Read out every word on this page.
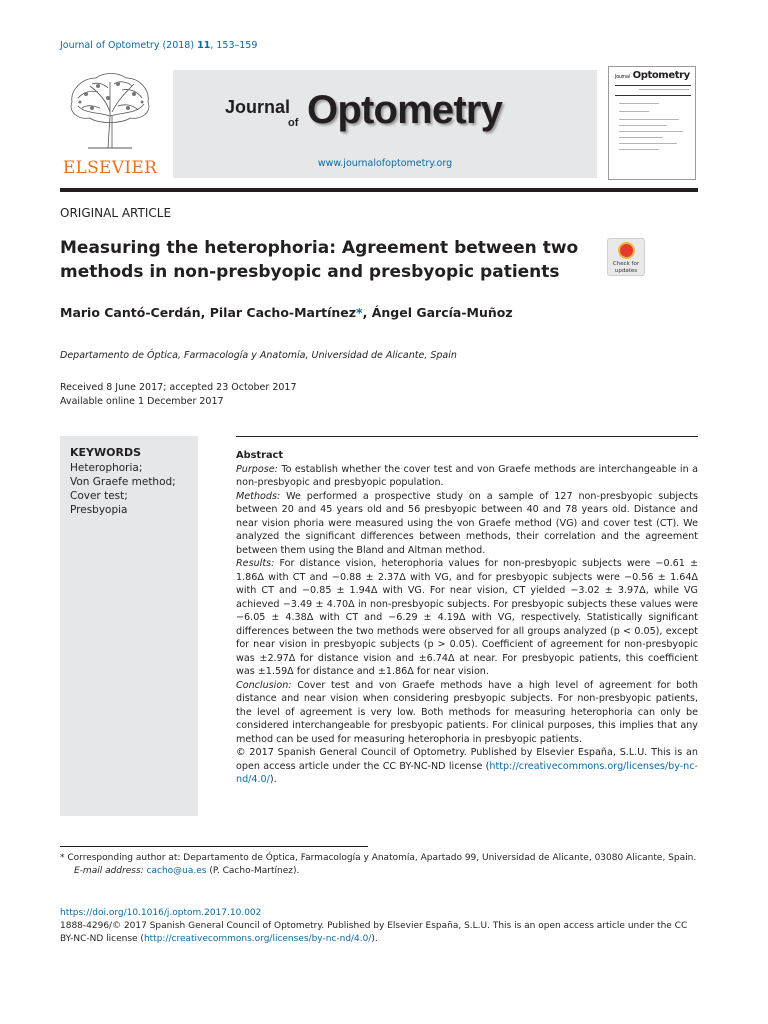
Journal of Optometry (2018) 11, 153–159
ELSEVIER
Journal
of Optometry
www.journalofoptometry.org
Journal Optometry
ORIGINAL ARTICLE
Measuring the heterophoria: Agreement between two methods in non-presbyopic and presbyopic patients	Check for updates
Mario Cantó-Cerdán, Pilar Cacho-Martínez*, Ángel García-Muñoz
Departamento de Óptica, Farmacología y Anatomía, Universidad de Alicante, Spain
Received 8 June 2017; accepted 23 October 2017
Available online 1 December 2017
KEYWORDS
Heterophoria;
Von Graefe method;
Cover test;
Presbyopia
Abstract

Purpose: To establish whether the cover test and von Graefe methods are interchangeable in a non-presbyopic and presbyopic population.

Methods: We performed a prospective study on a sample of 127 non-presbyopic subjects between 20 and 45 years old and 56 presbyopic between 40 and 78 years old. Distance and near vision phoria were measured using the von Graefe method (VG) and cover test (CT). We analyzed the significant differences between methods, their correlation and the agreement between them using the Bland and Altman method.

Results: For distance vision, heterophoria values for non-presbyopic subjects were −0.61 ± 1.86Δ with CT and −0.88 ± 2.37Δ with VG, and for presbyopic subjects were −0.56 ± 1.64Δ with CT and −0.85 ± 1.94Δ with VG. For near vision, CT yielded −3.02 ± 3.97Δ, while VG achieved −3.49 ± 4.70Δ in non-presbyopic subjects. For presbyopic subjects these values were −6.05 ± 4.38Δ with CT and −6.29 ± 4.19Δ with VG, respectively. Statistically significant differences between the two methods were observed for all groups analyzed (p < 0.05), except for near vision in presbyopic subjects (p > 0.05). Coefficient of agreement for non-presbyopic was ±2.97Δ for distance vision and ±6.74Δ at near. For presbyopic patients, this coefficient was ±1.59Δ for distance and ±1.86Δ for near vision.

Conclusion: Cover test and von Graefe methods have a high level of agreement for both distance and near vision when considering presbyopic subjects. For non-presbyopic patients, the level of agreement is very low. Both methods for measuring heterophoria can only be considered interchangeable for presbyopic patients. For clinical purposes, this implies that any method can be used for measuring heterophoria in presbyopic patients.

© 2017 Spanish General Council of Optometry. Published by Elsevier España, S.L.U. This is an open access article under the CC BY-NC-ND license (http://creativecommons.org/licenses/by-nc-nd/4.0/).

* Corresponding author at: Departamento de Óptica, Farmacología y Anatomía, Apartado 99, Universidad de Alicante, 03080 Alicante, Spain.
E-mail address: cacho@ua.es (P. Cacho-Martínez).
https://doi.org/10.1016/j.optom.2017.10.002
1888-4296/© 2017 Spanish General Council of Optometry. Published by Elsevier España, S.L.U. This is an open access article under the CC BY-NC-ND license (http://creativecommons.org/licenses/by-nc-nd/4.0/).
